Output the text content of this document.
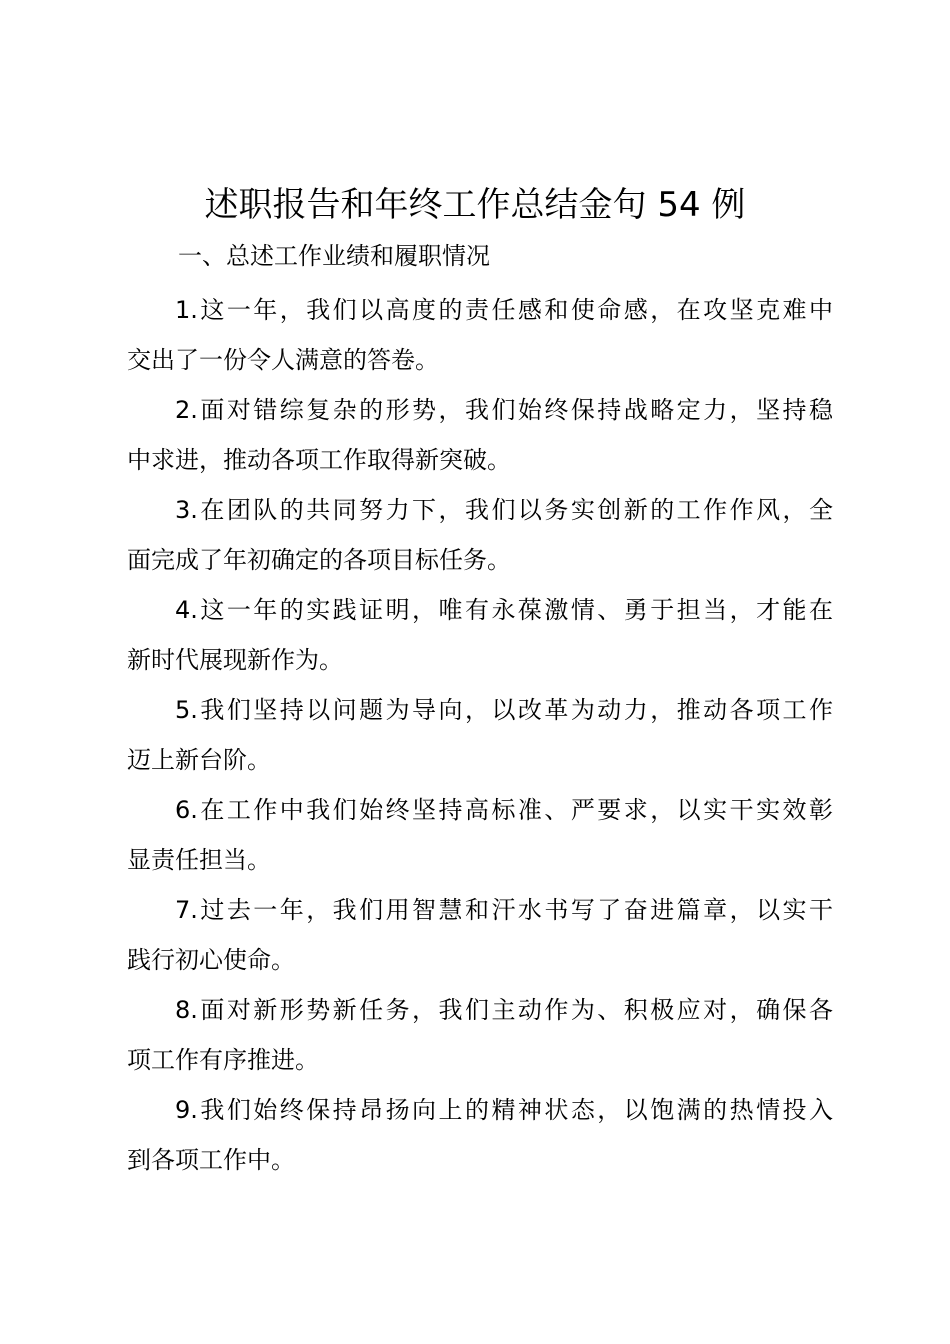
述职报告和年终工作总结金句 54 例
一、总述工作业绩和履职情况
1.这一年，我们以高度的责任感和使命感，在攻坚克难中
交出了一份令人满意的答卷。
2.面对错综复杂的形势，我们始终保持战略定力，坚持稳
中求进，推动各项工作取得新突破。
3.在团队的共同努力下，我们以务实创新的工作作风，全
面完成了年初确定的各项目标任务。
4.这一年的实践证明，唯有永葆激情、勇于担当，才能在
新时代展现新作为。
5.我们坚持以问题为导向，以改革为动力，推动各项工作
迈上新台阶。
6.在工作中我们始终坚持高标准、严要求，以实干实效彰
显责任担当。
7.过去一年，我们用智慧和汗水书写了奋进篇章，以实干
践行初心使命。
8.面对新形势新任务，我们主动作为、积极应对，确保各
项工作有序推进。
9.我们始终保持昂扬向上的精神状态，以饱满的热情投入
到各项工作中。
